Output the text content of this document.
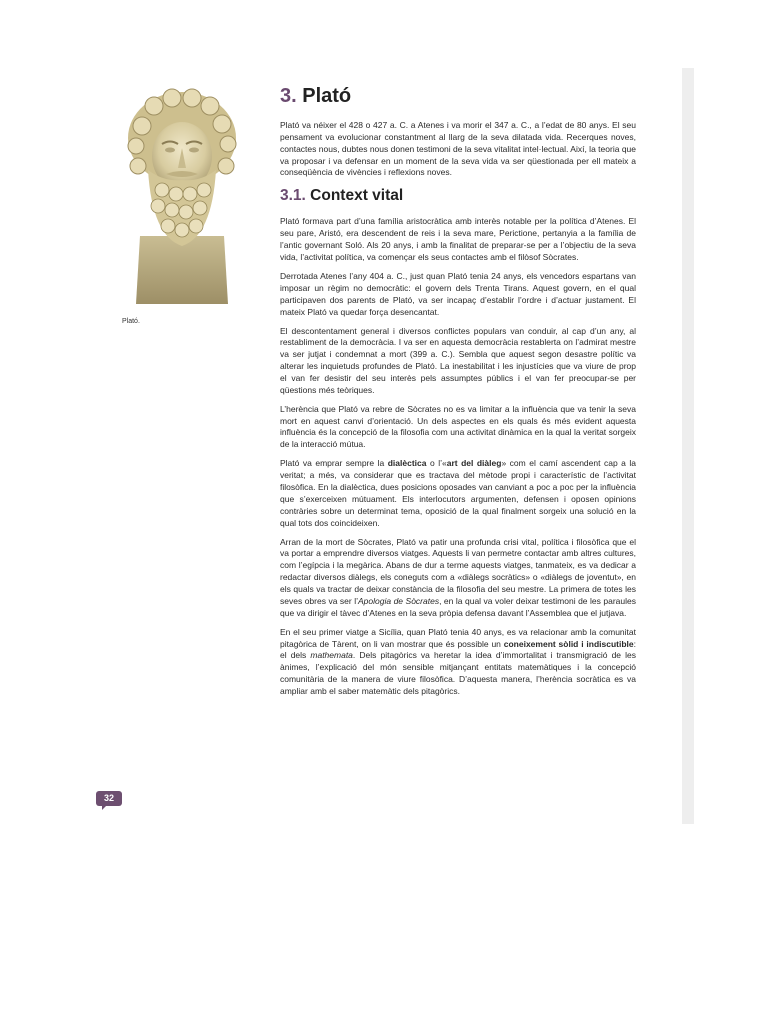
Plató.
3. Plató

Plató va néixer el 428 o 427 a. C. a Atenes i va morir el 347 a. C., a l’edat de 80 anys. El seu pensament va evolucionar constantment al llarg de la seva dilatada vida. Recerques noves, contactes nous, dubtes nous donen testimoni de la seva vitalitat intel·lectual. Així, la teoria que va proposar i va defensar en un moment de la seva vida va ser qüestionada per ell mateix a conseqüència de vivències i reflexions noves.

3.1. Context vital

Plató formava part d’una família aristocràtica amb interès notable per la política d’Atenes. El seu pare, Aristó, era descendent de reis i la seva mare, Perictione, pertanyia a la família de l’antic governant Soló. Als 20 anys, i amb la finalitat de preparar-se per a l’objectiu de la seva vida, l’activitat política, va començar els seus contactes amb el filòsof Sòcrates.

Derrotada Atenes l’any 404 a. C., just quan Plató tenia 24 anys, els vencedors espartans van imposar un règim no democràtic: el govern dels Trenta Tirans. Aquest govern, en el qual participaven dos parents de Plató, va ser incapaç d’establir l’ordre i d’actuar justament. El mateix Plató va quedar força desencantat.

El descontentament general i diversos conflictes populars van conduir, al cap d’un any, al restabliment de la democràcia. I va ser en aquesta democràcia restablerta on l’admirat mestre va ser jutjat i condemnat a mort (399 a. C.). Sembla que aquest segon desastre polític va alterar les inquietuds profundes de Plató. La inestabilitat i les injustícies que va viure de prop el van fer desistir del seu interès pels assumptes públics i el van fer preocupar-se per qüestions més teòriques.

L’herència que Plató va rebre de Sòcrates no es va limitar a la influència que va tenir la seva mort en aquest canvi d’orientació. Un dels aspectes en els quals és més evident aquesta influència és la concepció de la filosofia com una activitat dinàmica en la qual la veritat sorgeix de la interacció mútua.

Plató va emprar sempre la dialèctica o l’«art del diàleg» com el camí ascendent cap a la veritat; a més, va considerar que es tractava del mètode propi i característic de l’activitat filosòfica. En la dialèctica, dues posicions oposades van canviant a poc a poc per la influència que s’exerceixen mútuament. Els interlocutors argumenten, defensen i oposen opinions contràries sobre un determinat tema, oposició de la qual finalment sorgeix una solució en la qual tots dos coincideixen.

Arran de la mort de Sòcrates, Plató va patir una profunda crisi vital, política i filosòfica que el va portar a emprendre diversos viatges. Aquests li van permetre contactar amb altres cultures, com l’egípcia i la megàrica. Abans de dur a terme aquests viatges, tanmateix, es va dedicar a redactar diversos diàlegs, els coneguts com a «diàlegs socràtics» o «diàlegs de joventut», en els quals va tractar de deixar constància de la filosofia del seu mestre. La primera de totes les seves obres va ser l’Apologia de Sòcrates, en la qual va voler deixar testimoni de les paraules que va dirigir el tàvec d’Atenes en la seva pròpia defensa davant l’Assemblea que el jutjava.

En el seu primer viatge a Sicília, quan Plató tenia 40 anys, es va relacionar amb la comunitat pitagòrica de Tàrent, on li van mostrar que és possible un coneixement sòlid i indiscutible: el dels mathemata. Dels pitagòrics va heretar la idea d’immortalitat i transmigració de les ànimes, l’explicació del món sensible mitjançant entitats matemàtiques i la concepció comunitària de la manera de viure filosòfica. D’aquesta manera, l’herència socràtica es va ampliar amb el saber matemàtic dels pitagòrics.

32
